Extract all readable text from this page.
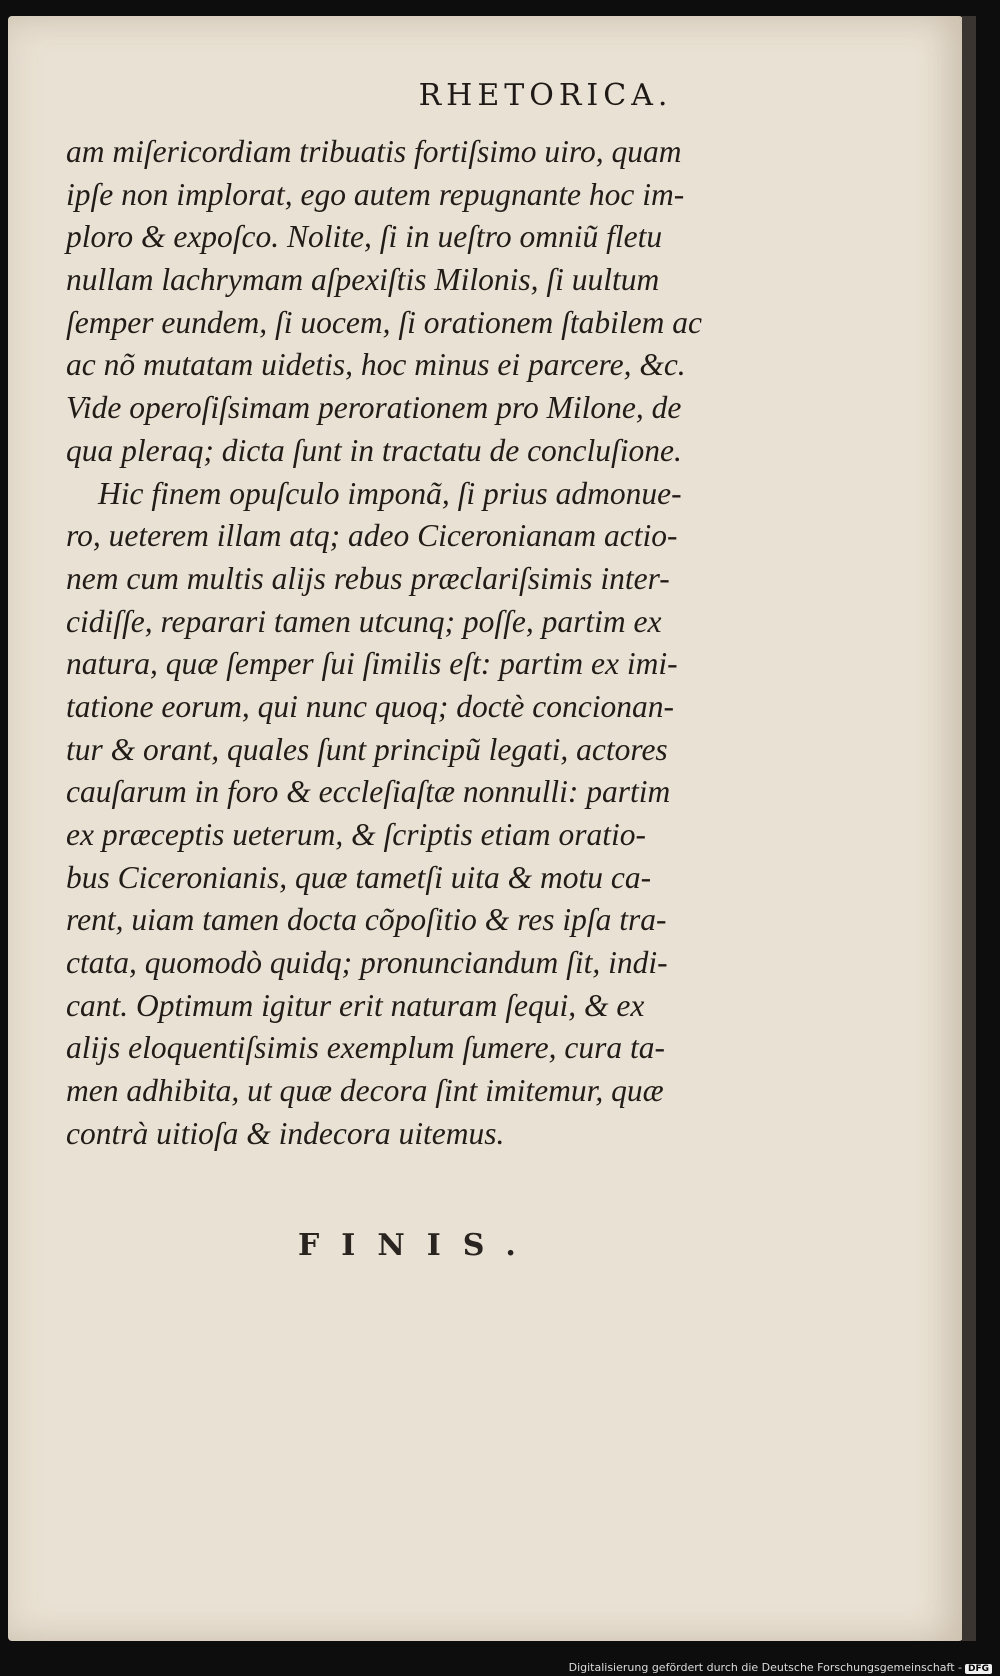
RHETORICA.
am miſericordiam tribuatis fortiſsimo uiro, quam
ipſe non implorat, ego autem repugnante hoc im-
ploro & expoſco. Nolite, ſi in ueſtro omniũ fletu
nullam lachrymam aſpexiſtis Milonis, ſi uultum
ſemper eundem, ſi uocem, ſi orationem ſtabilem ac
ac nõ mutatam uidetis, hoc minus ei parcere, &c.
Vide operoſiſsimam perorationem pro Milone, de
qua pleraq; dicta ſunt in tractatu de concluſione.
Hic finem opuſculo imponã, ſi prius admonue-
ro, ueterem illam atq; adeo Ciceronianam actio-
nem cum multis alijs rebus præclariſsimis inter-
cidiſſe, reparari tamen utcunq; poſſe, partim ex
natura, quæ ſemper ſui ſimilis eſt: partim ex imi-
tatione eorum, qui nunc quoq; doctè concionan-
tur & orant, quales ſunt principũ legati, actores
cauſarum in foro & eccleſiaſtæ nonnulli: partim
ex præceptis ueterum, & ſcriptis etiam oratio-
bus Ciceronianis, quæ tametſi uita & motu ca-
rent, uiam tamen docta cõpoſitio & res ipſa tra-
ctata, quomodò quidq; pronunciandum ſit, indi-
cant. Optimum igitur erit naturam ſequi, & ex
alijs eloquentiſsimis exemplum ſumere, cura ta-
men adhibita, ut quæ decora ſint imitemur, quæ
contrà uitioſa & indecora uitemus.
FINIS.
Digitalisierung gefördert durch die Deutsche Forschungsgemeinschaft - DFG
